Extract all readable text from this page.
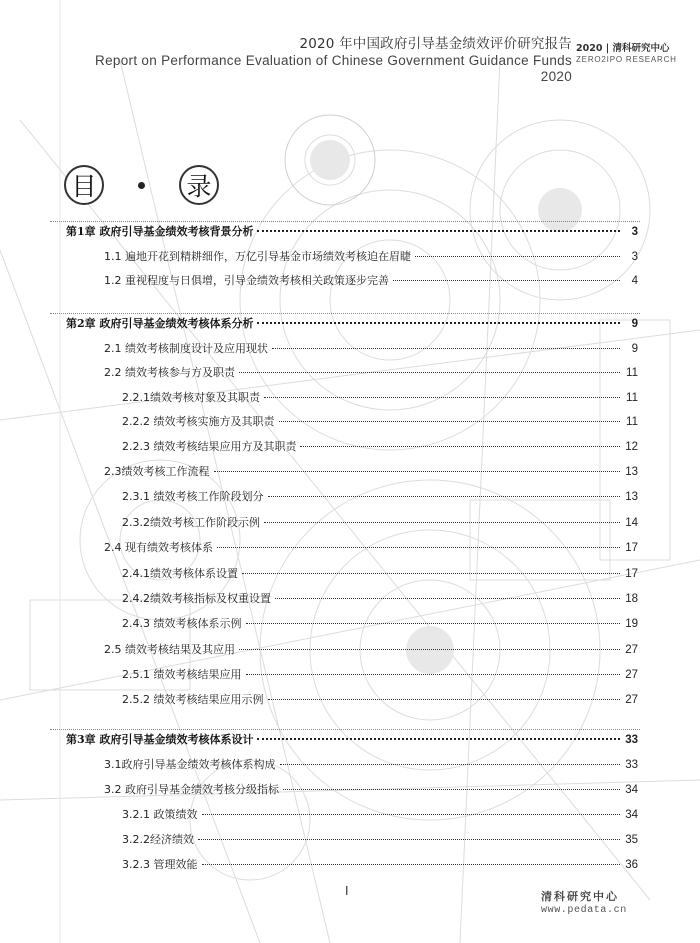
2020 年中国政府引导基金绩效评价研究报告
Report on Performance Evaluation of Chinese Government Guidance Funds 2020
2020 | 清科研究中心
ZERO2IPO RESEARCH
目	录
第1章 政府引导基金绩效考核背景分析	3
1.1 遍地开花到精耕细作，万亿引导基金市场绩效考核迫在眉睫	3
1.2 重视程度与日俱增，引导金绩效考核相关政策逐步完善	4
第2章 政府引导基金绩效考核体系分析	9
2.1 绩效考核制度设计及应用现状	9
2.2 绩效考核参与方及职责	11
2.2.1绩效考核对象及其职责	11
2.2.2 绩效考核实施方及其职责	11
2.2.3 绩效考核结果应用方及其职责	12
2.3绩效考核工作流程	13
2.3.1 绩效考核工作阶段划分	13
2.3.2绩效考核工作阶段示例	14
2.4 现有绩效考核体系	17
2.4.1绩效考核体系设置	17
2.4.2绩效考核指标及权重设置	18
2.4.3 绩效考核体系示例	19
2.5 绩效考核结果及其应用	27
2.5.1 绩效考核结果应用	27
2.5.2 绩效考核结果应用示例	27
第3章 政府引导基金绩效考核体系设计	33
3.1政府引导基金绩效考核体系构成	33
3.2 政府引导基金绩效考核分级指标	34
3.2.1 政策绩效	34
3.2.2经济绩效	35
3.2.3 管理效能	36
I	清科研究中心
www.pedata.cn
